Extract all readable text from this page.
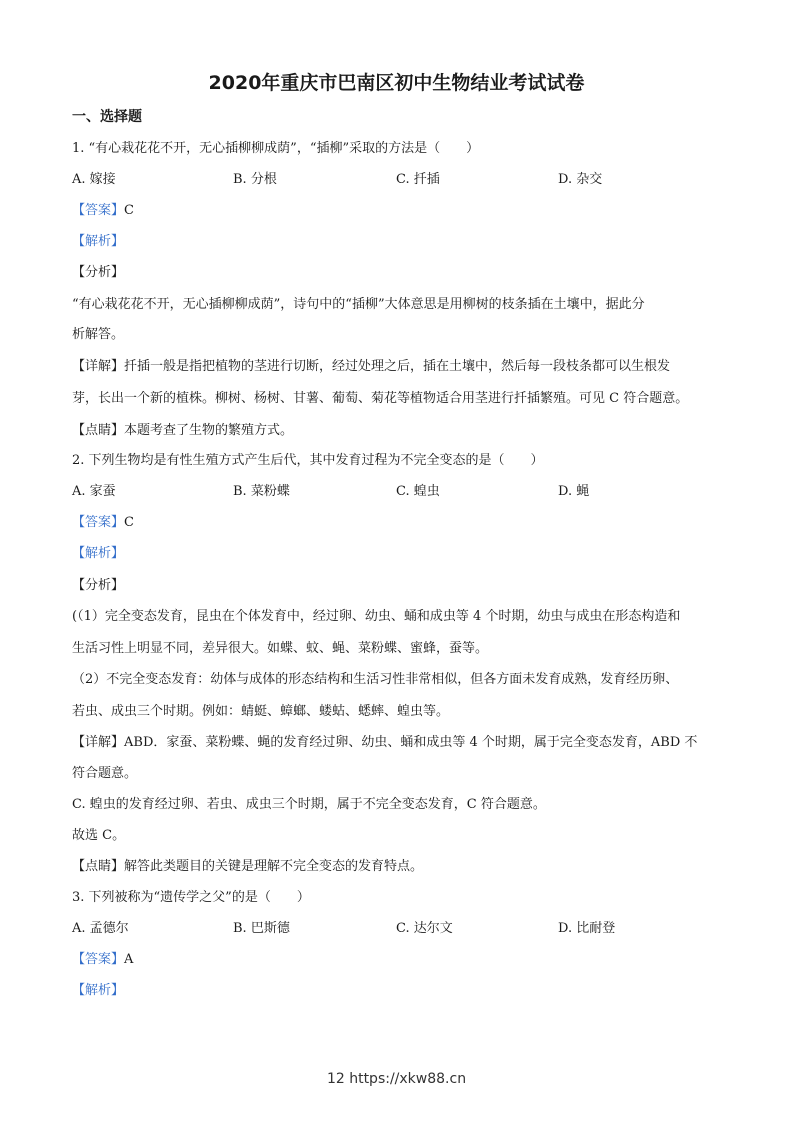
2020年重庆市巴南区初中生物结业考试试卷
一、选择题
1. “有心栽花花不开，无心插柳柳成荫”，“插柳”采取的方法是（　　）
A. 嫁接	B. 分根	C. 扦插	D. 杂交
【答案】C
【解析】
【分析】
“有心栽花花不开，无心插柳柳成荫”，诗句中的“插柳”大体意思是用柳树的枝条插在土壤中，据此分
析解答。
【详解】扦插一般是指把植物的茎进行切断，经过处理之后，插在土壤中，然后每一段枝条都可以生根发
芽，长出一个新的植株。柳树、杨树、甘薯、葡萄、菊花等植物适合用茎进行扦插繁殖。可见 C 符合题意。
【点睛】本题考查了生物的繁殖方式。
2. 下列生物均是有性生殖方式产生后代，其中发育过程为不完全变态的是（　　）
A. 家蚕	B. 菜粉蝶	C. 蝗虫	D. 蝇
【答案】C
【解析】
【分析】
(（1）完全变态发育，昆虫在个体发育中，经过卵、幼虫、蛹和成虫等 4 个时期，幼虫与成虫在形态构造和
生活习性上明显不同，差异很大。如蝶、蚊、蝇、菜粉蝶、蜜蜂，蚕等。
（2）不完全变态发育：幼体与成体的形态结构和生活习性非常相似，但各方面未发育成熟，发育经历卵、
若虫、成虫三个时期。例如：蜻蜓、蟑螂、蝼蛄、蟋蟀、蝗虫等。
【详解】ABD．家蚕、菜粉蝶、蝇的发育经过卵、幼虫、蛹和成虫等 4 个时期，属于完全变态发育，ABD 不
符合题意。
C. 蝗虫的发育经过卵、若虫、成虫三个时期，属于不完全变态发育，C 符合题意。
故选 C。
【点睛】解答此类题目的关键是理解不完全变态的发育特点。
3. 下列被称为“遗传学之父”的是（　　）
A. 孟德尔	B. 巴斯德	C. 达尔文	D. 比耐登
【答案】A
【解析】
12 https://xkw88.cn
